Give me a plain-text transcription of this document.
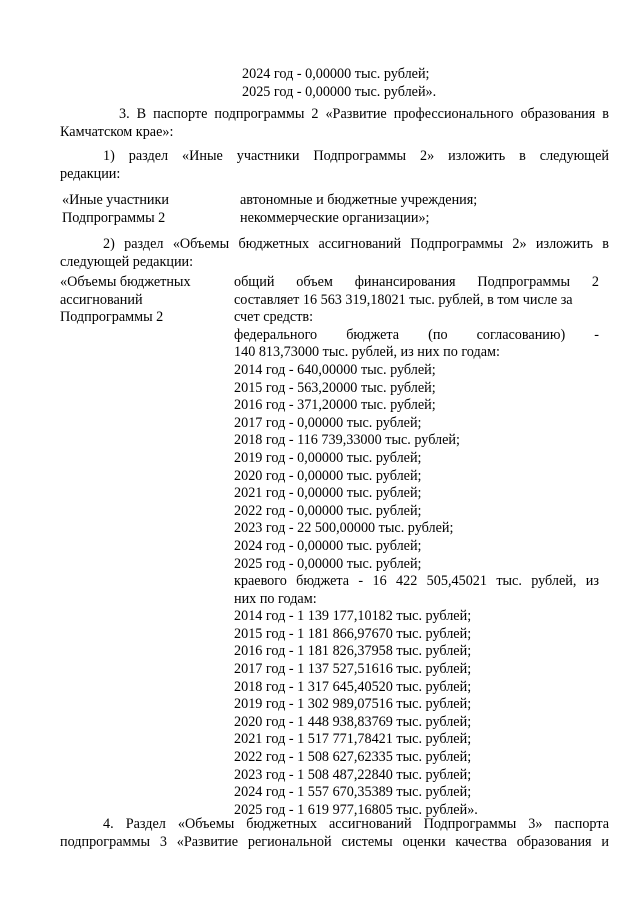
2024 год - 0,00000 тыс. рублей;
2025 год - 0,00000 тыс. рублей».
3. В паспорте подпрограммы 2 «Развитие профессионального образования в
Камчатском крае»:
1) раздел «Иные участники Подпрограммы 2» изложить в следующей
редакции:
«Иные участники
Подпрограммы 2
автономные и бюджетные учреждения;
некоммерческие организации»;
2) раздел «Объемы бюджетных ассигнований Подпрограммы 2» изложить в
следующей редакции:
«Объемы бюджетных
ассигнований
Подпрограммы 2
общий объем финансирования Подпрограммы 2
составляет 16 563 319,18021 тыс. рублей, в том числе за
счет средств:
федерального бюджета (по согласованию) -
140 813,73000 тыс. рублей, из них по годам:
2014 год - 640,00000 тыс. рублей;
2015 год - 563,20000 тыс. рублей;
2016 год - 371,20000 тыс. рублей;
2017 год - 0,00000 тыс. рублей;
2018 год - 116 739,33000 тыс. рублей;
2019 год - 0,00000 тыс. рублей;
2020 год - 0,00000 тыс. рублей;
2021 год - 0,00000 тыс. рублей;
2022 год - 0,00000 тыс. рублей;
2023 год - 22 500,00000 тыс. рублей;
2024 год - 0,00000 тыс. рублей;
2025 год - 0,00000 тыс. рублей;
краевого бюджета - 16 422 505,45021 тыс. рублей, из
них по годам:
2014 год - 1 139 177,10182 тыс. рублей;
2015 год - 1 181 866,97670 тыс. рублей;
2016 год - 1 181 826,37958 тыс. рублей;
2017 год - 1 137 527,51616 тыс. рублей;
2018 год - 1 317 645,40520 тыс. рублей;
2019 год - 1 302 989,07516 тыс. рублей;
2020 год - 1 448 938,83769 тыс. рублей;
2021 год - 1 517 771,78421 тыс. рублей;
2022 год - 1 508 627,62335 тыс. рублей;
2023 год - 1 508 487,22840 тыс. рублей;
2024 год - 1 557 670,35389 тыс. рублей;
2025 год - 1 619 977,16805 тыс. рублей».
4. Раздел «Объемы бюджетных ассигнований Подпрограммы 3» паспорта
подпрограммы 3 «Развитие региональной системы оценки качества образования и
